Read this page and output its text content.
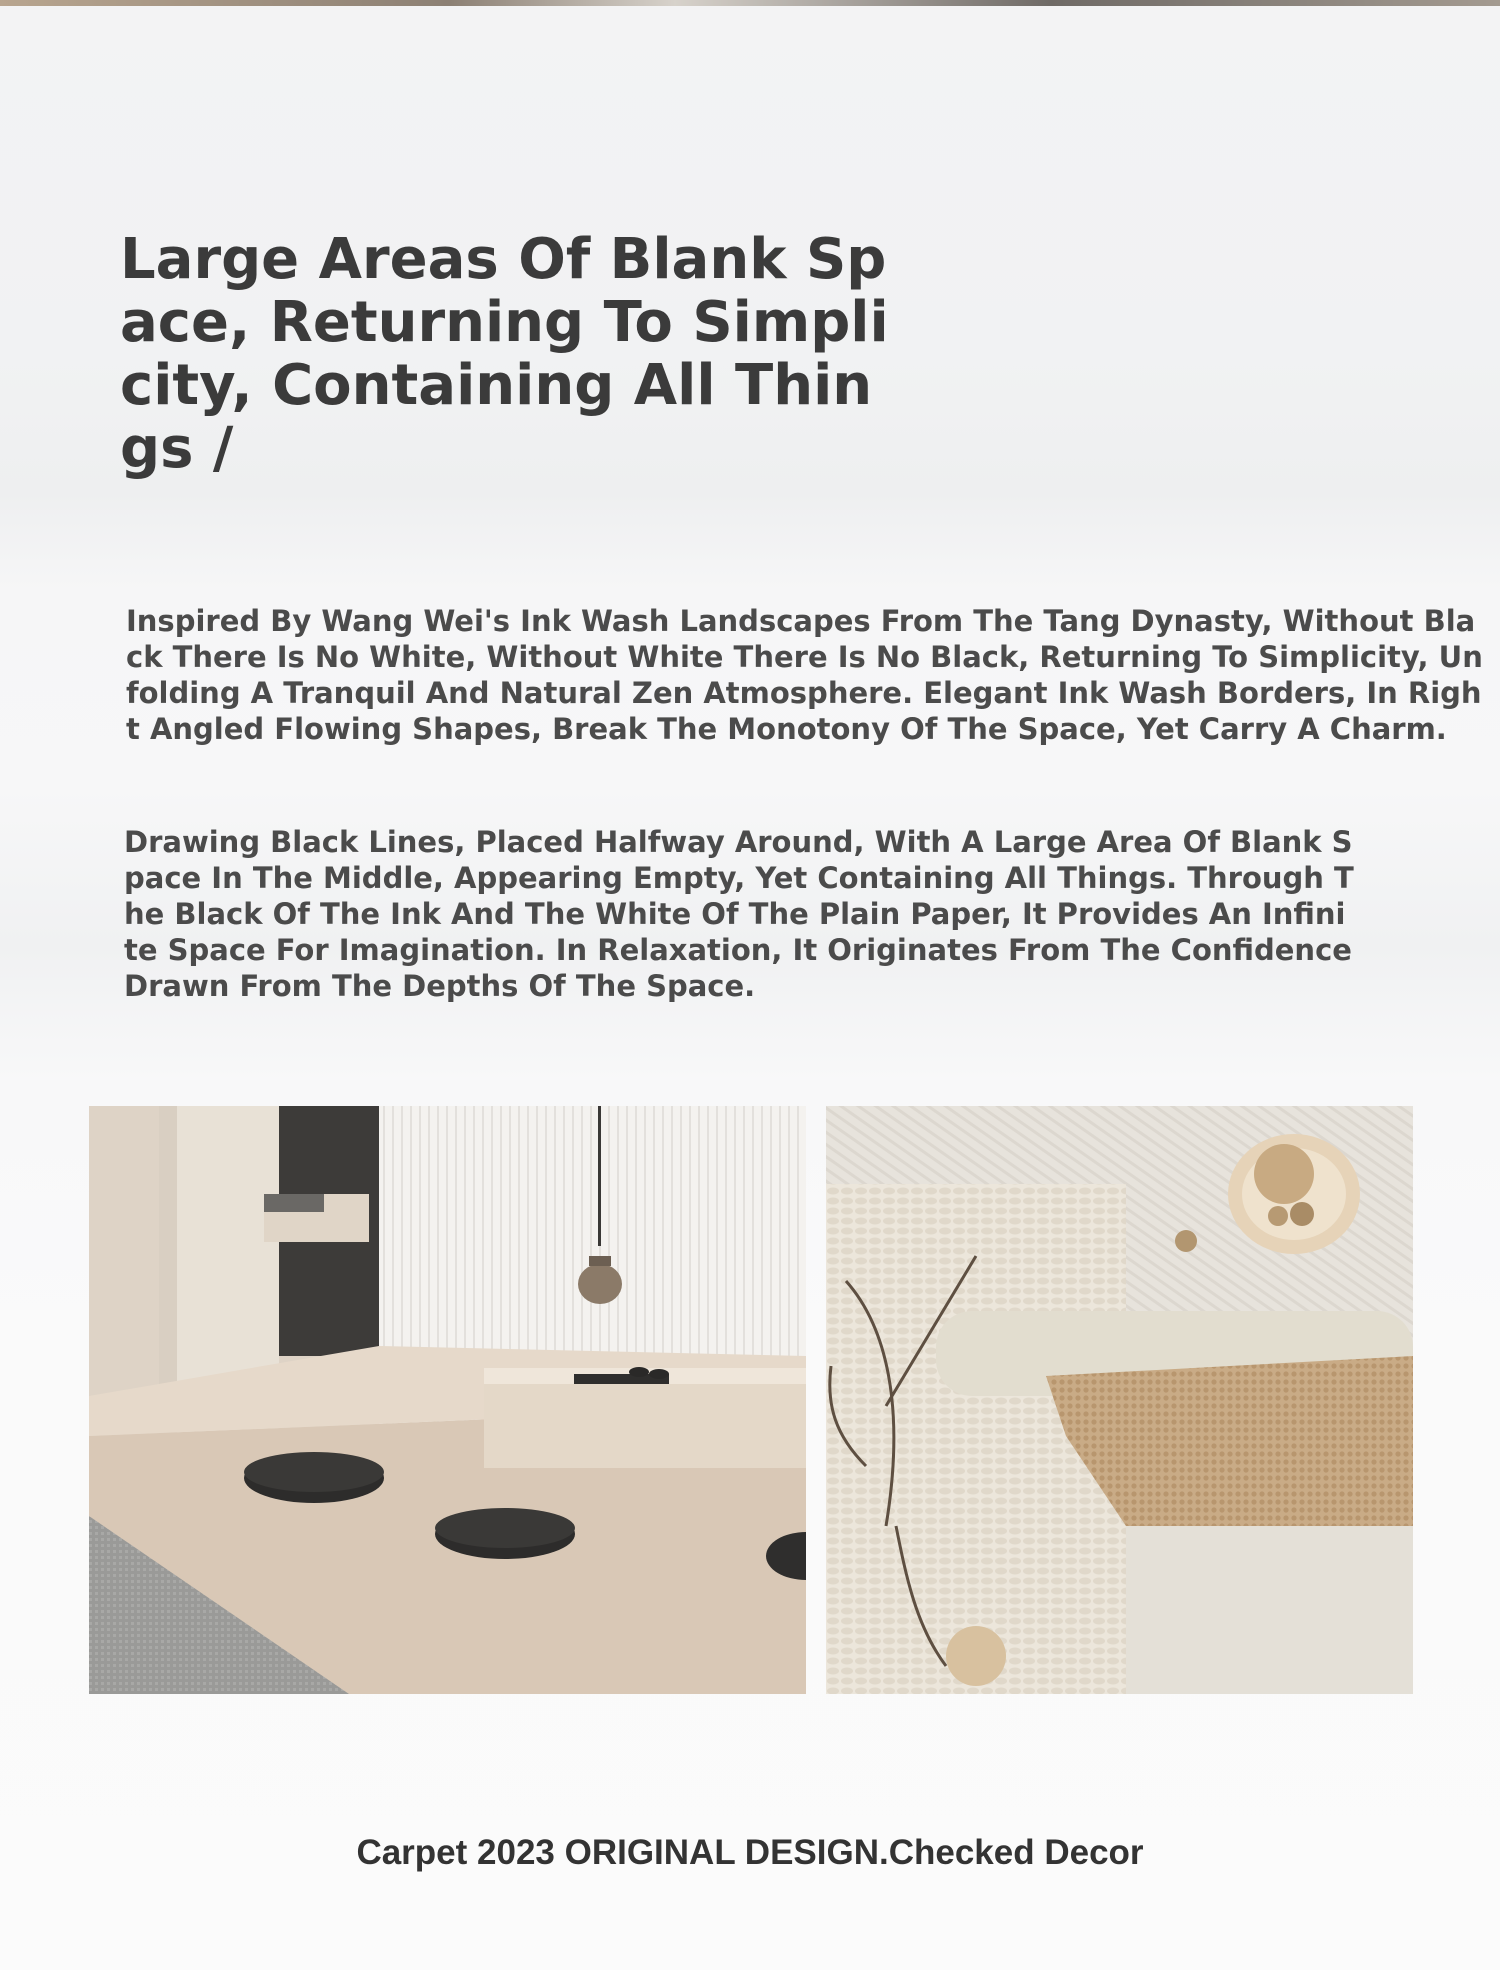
Large Areas Of Blank Space, Returning To Simplicity, Containing All Things /

Inspired By Wang Wei's Ink Wash Landscapes From The Tang Dynasty, Without Black There Is No White, Without White There Is No Black, Returning To Simplicity, Unfolding A Tranquil And Natural Zen Atmosphere. Elegant Ink Wash Borders, In Right Angled Flowing Shapes, Break The Monotony Of The Space, Yet Carry A Charm.

Drawing Black Lines, Placed Halfway Around, With A Large Area Of Blank Space In The Middle, Appearing Empty, Yet Containing All Things. Through The Black Of The Ink And The White Of The Plain Paper, It Provides An Infinite Space For Imagination. In Relaxation, It Originates From The Confidence Drawn From The Depths Of The Space.

Carpet 2023 ORIGINAL DESIGN.Checked Decor
